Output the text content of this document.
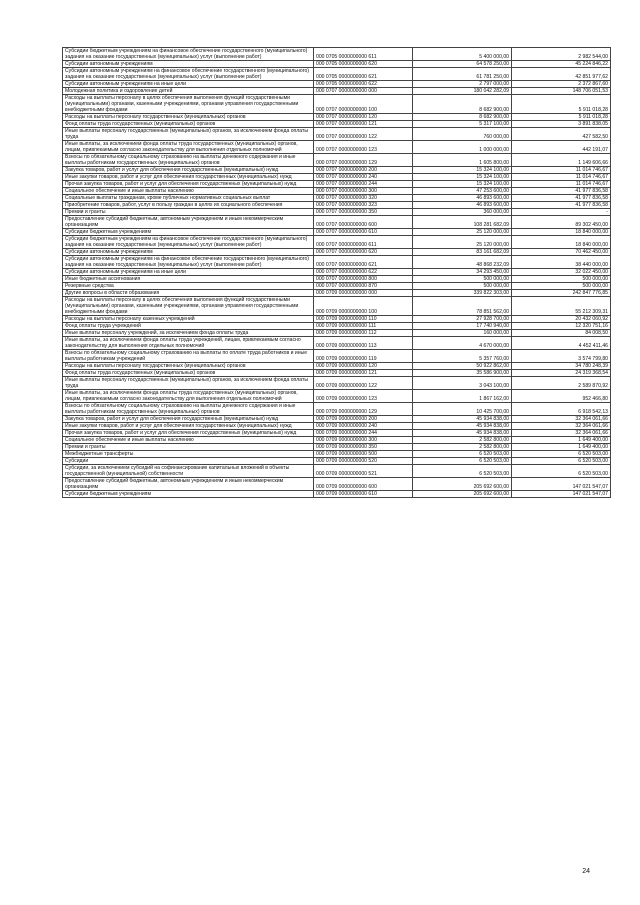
Субсидии бюджетным учреждениям на финансовое обеспечение государственного (муниципального) задания на оказание государственных (муниципальных) услуг (выполнение работ)	000 0705 0000000000 611	5 400 000,00	2 982 544,00
Субсидии автономным учреждениям	000 0705 0000000000 620	64 578 250,00	45 224 846,22
Субсидии автономным учреждениям на финансовое обеспечение государственного (муниципального) задания на оказание государственных (муниципальных) услуг (выполнение работ)	000 0705 0000000000 621	61 781 250,00	42 851 977,62
Субсидии автономным учреждениям на иные цели	000 0705 0000000000 622	2 797 000,00	2 372 867,60
Молодежная политика и оздоровление детей	000 0707 0000000000 000	180 042 282,09	148 706 051,53
Расходы на выплаты персоналу в целях обеспечения выполнения функций государственными (муниципальными) органами, казенными учреждениями, органами управления государственными внебюджетными фондами	000 0707 0000000000 100	8 682 900,00	5 911 018,28
Расходы на выплаты персоналу государственных (муниципальных) органов	000 0707 0000000000 120	8 682 900,00	5 911 018,28
Фонд оплаты труда государственных (муниципальных) органов	000 0707 0000000000 121	5 317 100,00	3 891 838,05
Иные выплаты персоналу государственных (муниципальных) органов, за исключением фонда оплаты труда	000 0707 0000000000 122	760 000,00	427 582,50
Иные выплаты, за исключением фонда оплаты труда государственных (муниципальных) органов, лицам, привлекаемым согласно законодательству для выполнения отдельных полномочий	000 0707 0000000000 123	1 000 000,00	442 191,07
Взносы по обязательному социальному страхованию на выплаты денежного содержания и иные выплаты работникам государственных (муниципальных) органов	000 0707 0000000000 129	1 605 800,00	1 149 606,66
Закупка товаров, работ и услуг для обеспечения государственных (муниципальных) нужд	000 0707 0000000000 200	15 324 100,00	11 014 746,67
Иные закупки товаров, работ и услуг для обеспечения государственных (муниципальных) нужд	000 0707 0000000000 240	15 324 100,00	11 014 746,67
Прочая закупка товаров, работ и услуг для обеспечения государственных (муниципальных) нужд	000 0707 0000000000 244	15 324 100,00	11 014 746,67
Социальное обеспечение и иные выплаты населению	000 0707 0000000000 300	47 253 600,00	41 977 836,58
Социальные выплаты гражданам, кроме публичных нормативных социальных выплат	000 0707 0000000000 320	46 893 600,00	41 977 836,58
Приобретение товаров, работ, услуг в пользу граждан в целях их социального обеспечения	000 0707 0000000000 323	46 893 600,00	41 977 836,58
Премии и гранты	000 0707 0000000000 350	360 000,00	-
Предоставление субсидий бюджетным, автономным учреждениям и иным некоммерческим организациям	000 0707 0000000000 600	108 281 682,09	89 302 450,00
Субсидии бюджетным учреждениям	000 0707 0000000000 610	25 120 000,00	18 840 000,00
Субсидии бюджетным учреждениям на финансовое обеспечение государственного (муниципального) задания на оказание государственных (муниципальных) услуг (выполнение работ)	000 0707 0000000000 611	25 120 000,00	18 840 000,00
Субсидии автономным учреждениям	000 0707 0000000000 620	83 161 682,09	70 462 450,00
Субсидии автономным учреждениям на финансовое обеспечение государственного (муниципального) задания на оказание государственных (муниципальных) услуг (выполнение работ)	000 0707 0000000000 621	48 868 232,09	38 440 000,00
Субсидии автономным учреждениям на иные цели	000 0707 0000000000 622	34 293 450,00	32 022 450,00
Иные бюджетные ассигнования	000 0707 0000000000 800	500 000,00	500 000,00
Резервные средства	000 0707 0000000000 870	500 000,00	500 000,00
Другие вопросы в области образования	000 0709 0000000000 000	339 822 303,00	242 847 776,85
Расходы на выплаты персоналу в целях обеспечения выполнения функций государственными (муниципальными) органами, казенными учреждениями, органами управления государственными внебюджетными фондами	000 0709 0000000000 100	78 851 562,00	55 212 309,31
Расходы на выплаты персоналу казенных учреждений	000 0709 0000000000 110	27 928 700,00	20 432 060,92
Фонд оплаты труда учреждений	000 0709 0000000000 111	17 740 940,00	12 320 751,16
Иные выплаты персоналу учреждений, за исключением фонда оплаты труда	000 0709 0000000000 112	160 000,00	84 008,50
Иные выплаты, за исключением фонда оплаты труда учреждений, лицам, привлекаемым согласно законодательству для выполнения отдельных полномочий	000 0709 0000000000 113	4 670 000,00	4 452 411,46
Взносы по обязательному социальному страхованию на выплаты по оплате труда работников и иные выплаты работникам учреждений	000 0709 0000000000 119	5 357 760,00	3 574 799,80
Расходы на выплаты персоналу государственных (муниципальных) органов	000 0709 0000000000 120	50 922 862,00	34 780 248,39
Фонд оплаты труда государственных (муниципальных) органов	000 0709 0000000000 121	35 586 900,00	24 319 368,54
Иные выплаты персоналу государственных (муниципальных) органов, за исключением фонда оплаты труда	000 0709 0000000000 122	3 043 100,00	2 589 870,92
Иные выплаты, за исключением фонда оплаты труда государственных (муниципальных) органов, лицам, привлекаемым согласно законодательству для выполнения отдельных полномочий	000 0709 0000000000 123	1 867 162,00	952 466,80
Взносы по обязательному социальному страхованию на выплаты денежного содержания и иные выплаты работникам государственных (муниципальных) органов	000 0709 0000000000 129	10 425 700,00	6 918 542,13
Закупка товаров, работ и услуг для обеспечения государственных (муниципальных) нужд	000 0709 0000000000 200	45 934 838,00	32 364 061,66
Иные закупки товаров, работ и услуг для обеспечения государственных (муниципальных) нужд	000 0709 0000000000 240	45 934 838,00	32 364 061,66
Прочая закупка товаров, работ и услуг для обеспечения государственных (муниципальных) нужд	000 0709 0000000000 244	45 934 838,00	32 364 061,66
Социальное обеспечение и иные выплаты населению	000 0709 0000000000 300	2 582 800,00	1 649 400,00
Премии и гранты	000 0709 0000000000 350	2 582 800,00	1 649 400,00
Межбюджетные трансферты	000 0709 0000000000 500	6 520 503,00	6 520 503,00
Субсидии	000 0709 0000000000 520	6 520 503,00	6 520 503,00
Субсидии, за исключением субсидий на софинансирование капитальных вложений в объекты государственной (муниципальной) собственности	000 0709 0000000000 521	6 520 503,00	6 520 503,00
Предоставление субсидий бюджетным, автономным учреждениям и иным некоммерческим организациям	000 0709 0000000000 600	205 692 600,00	147 021 547,07
Субсидии бюджетным учреждениям	000 0709 0000000000 610	205 692 600,00	147 021 547,07
24
